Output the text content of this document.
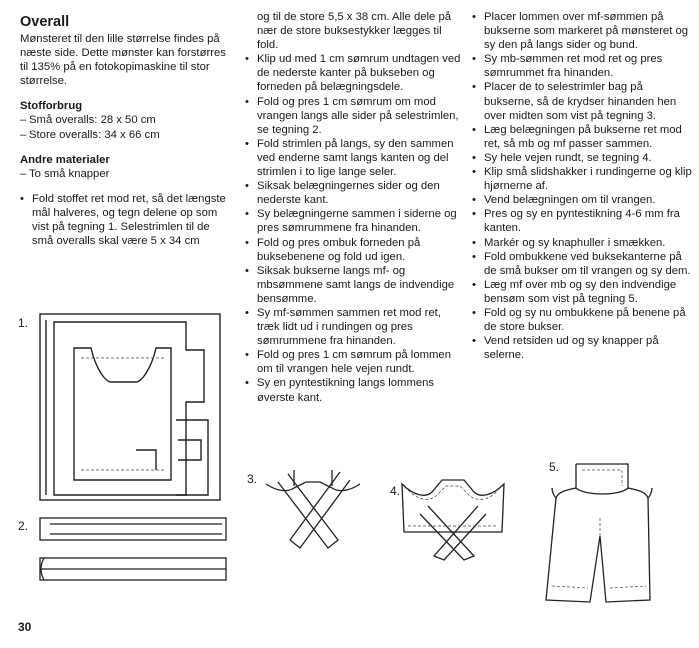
Overall

Mønsteret til den lille størrelse findes på næste side. Dette mønster kan forstørres til 135% på en fotokopimaskine til stor størrelse.

Stofforbrug
– Små overalls: 28 x 50 cm
– Store overalls: 34 x 66 cm
Andre materialer
– To små knapper
• Fold stoffet ret mod ret, så det længste mål halveres, og tegn delene op som vist på tegning 1. Selestrimlen til de små overalls skal være 5 x 34 cm

og til de store 5,5 x 38 cm. Alle dele på nær de store buksestykker lægges til fold.

• Klip ud med 1 cm sømrum undtagen ved de nederste kanter på bukseben og forneden på belægningsdele.
• Fold og pres 1 cm sømrum om mod vrangen langs alle sider på selestrimlen, se tegning 2.
• Fold strimlen på langs, sy den sammen ved enderne samt langs kanten og del strimlen i to lige lange seler.
• Siksak belægningernes sider og den nederste kant.
• Sy belægningerne sammen i siderne og pres sømrummene fra hinanden.
• Fold og pres ombuk forneden på buksebenene og fold ud igen.
• Siksak bukserne langs mf- og mbsømmene samt langs de indvendige bensømme.
• Sy mf-sømmen sammen ret mod ret, træk lidt ud i rundingen og pres sømrummene fra hinanden.
• Fold og pres 1 cm sømrum på lommen om til vrangen hele vejen rundt.
• Sy en pyntestikning langs lommens øverste kant.
• Placer lommen over mf-sømmen på bukserne som markeret på mønsteret og sy den på langs sider og bund.
• Sy mb-sømmen ret mod ret og pres sømrummet fra hinanden.
• Placer de to selestrimler bag på bukserne, så de krydser hinanden hen over midten som vist på tegning 3.
• Læg belægningen på bukserne ret mod ret, så mb og mf passer sammen.
• Sy hele vejen rundt, se tegning 4.
• Klip små slidshakker i rundingerne og klip hjørnerne af.
• Vend belægningen om til vrangen.
• Pres og sy en pyntestikning 4-6 mm fra kanten.
• Markér og sy knaphuller i smækken.
• Fold ombukkene ved buksekanterne på de små bukser om til vrangen og sy dem.
• Læg mf over mb og sy den indvendige bensøm som vist på tegning 5.
• Fold og sy nu ombukkene på benene på de store bukser.
• Vend retsiden ud og sy knapper på selerne.
1.
2.
3.
4.
5.
30
